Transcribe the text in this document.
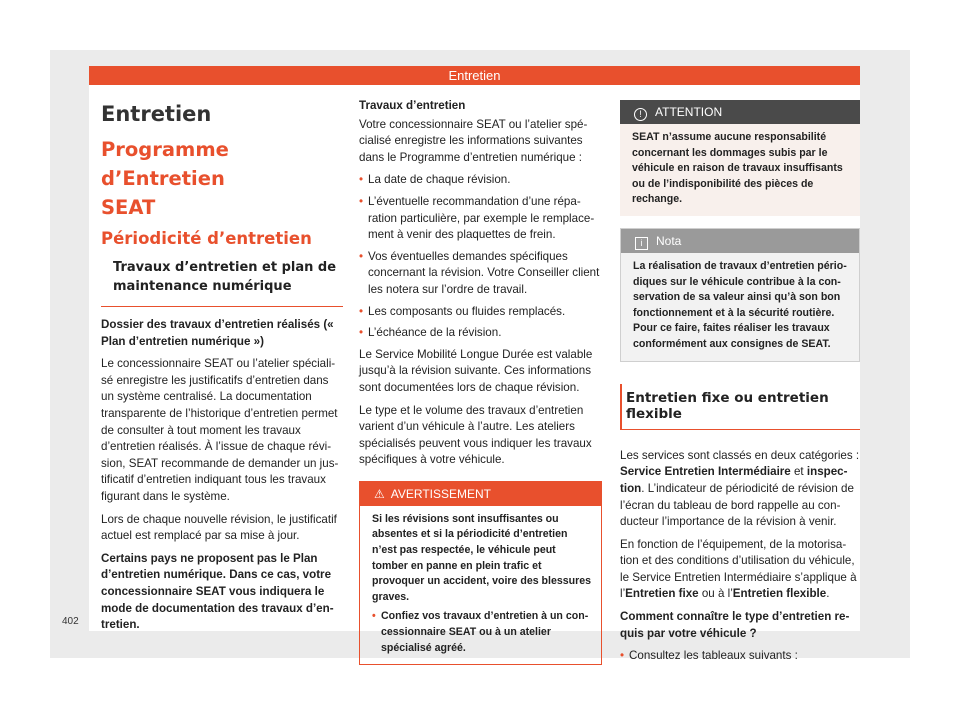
Entretien
Entretien
Programme d’Entretien
SEAT
Périodicité d’entretien
Travaux d’entretien et plan de maintenance numérique

Dossier des travaux d’entretien réalisés (« Plan d’entretien numérique »)

Le concessionnaire SEAT ou l’atelier spécialisé enregistre les justificatifs d’entretien dans un système centralisé. La documentation transparente de l’historique d’entretien permet de consulter à tout moment les travaux d’entretien réalisés. À l’issue de chaque révision, SEAT recommande de demander un justificatif d’entretien indiquant tous les travaux figurant dans le système.

Lors de chaque nouvelle révision, le justificatif actuel est remplacé par sa mise à jour.

Certains pays ne proposent pas le Plan d’entretien numérique. Dans ce cas, votre concessionnaire SEAT vous indiquera le mode de documentation des travaux d’entretien.

Travaux d’entretien

Votre concessionnaire SEAT ou l’atelier spécialisé enregistre les informations suivantes dans le Programme d’entretien numérique :

• La date de chaque révision.
• L’éventuelle recommandation d’une réparation particulière, par exemple le remplacement à venir des plaquettes de frein.
• Vos éventuelles demandes spécifiques concernant la révision. Votre Conseiller client les notera sur l’ordre de travail.
• Les composants ou fluides remplacés.
• L’échéance de la révision.

Le Service Mobilité Longue Durée est valable jusqu’à la révision suivante. Ces informations sont documentées lors de chaque révision.

Le type et le volume des travaux d’entretien varient d’un véhicule à l’autre. Les ateliers spécialisés peuvent vous indiquer les travaux spécifiques à votre véhicule.

⚠ AVERTISSEMENT
Si les révisions sont insuffisantes ou absentes et si la périodicité d’entretien n’est pas respectée, le véhicule peut tomber en panne en plein trafic et provoquer un accident, voire des blessures graves.
• Confiez vos travaux d’entretien à un concessionnaire SEAT ou à un atelier spécialisé agréé.
! ATTENTION
SEAT n’assume aucune responsabilité concernant les dommages subis par le véhicule en raison de travaux insuffisants ou de l’indisponibilité des pièces de rechange.
i Nota
La réalisation de travaux d’entretien périodiques sur le véhicule contribue à la conservation de sa valeur ainsi qu’à son bon fonctionnement et à la sécurité routière. Pour ce faire, faites réaliser les travaux conformément aux consignes de SEAT.
Entretien fixe ou entretien flexible

Les services sont classés en deux catégories : Service Entretien Intermédiaire et inspection. L’indicateur de périodicité de révision de l’écran du tableau de bord rappelle au conducteur l’importance de la révision à venir.

En fonction de l’équipement, de la motorisation et des conditions d’utilisation du véhicule, le Service Entretien Intermédiaire s’applique à l’Entretien fixe ou à l’Entretien flexible.

Comment connaître le type d’entretien requis par votre véhicule ?

• Consultez les tableaux suivants :
402
